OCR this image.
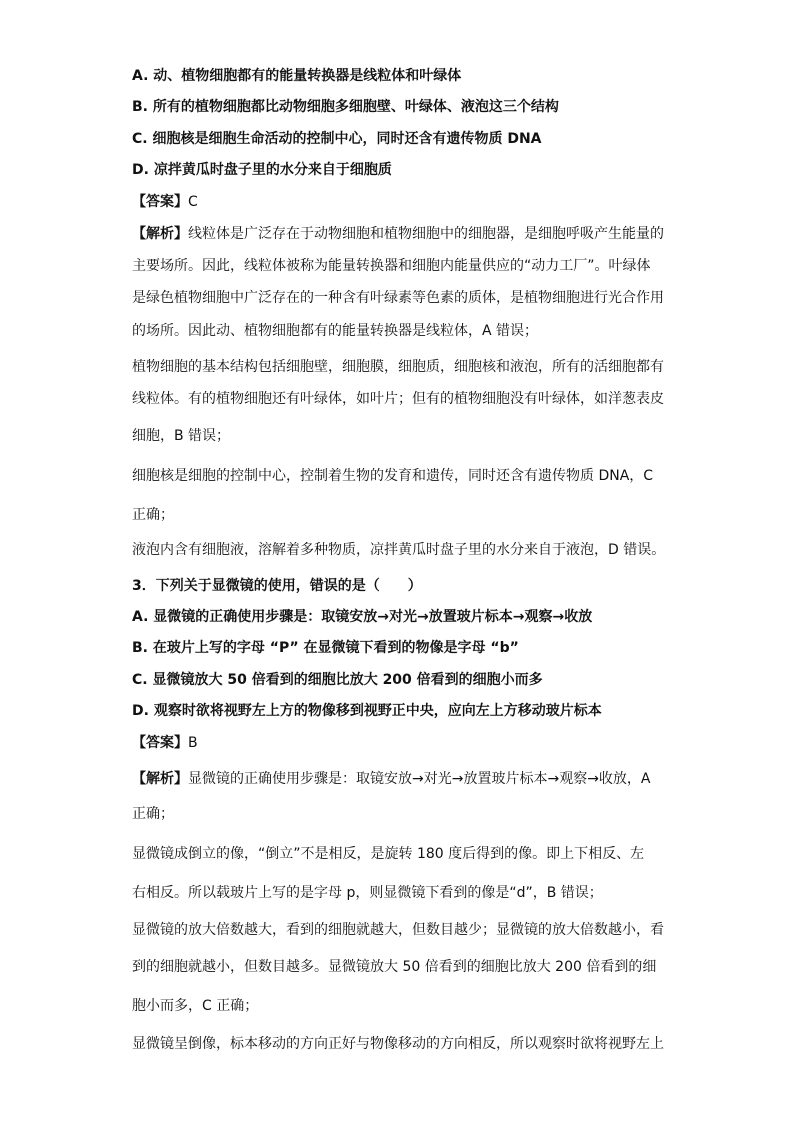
A. 动、植物细胞都有的能量转换器是线粒体和叶绿体
B. 所有的植物细胞都比动物细胞多细胞壁、叶绿体、液泡这三个结构
C. 细胞核是细胞生命活动的控制中心，同时还含有遗传物质 DNA
D. 凉拌黄瓜时盘子里的水分来自于细胞质
【答案】C
【解析】线粒体是广泛存在于动物细胞和植物细胞中的细胞器，是细胞呼吸产生能量的
主要场所。因此，线粒体被称为能量转换器和细胞内能量供应的“动力工厂”。叶绿体
是绿色植物细胞中广泛存在的一种含有叶绿素等色素的质体，是植物细胞进行光合作用
的场所。因此动、植物细胞都有的能量转换器是线粒体，A 错误；
植物细胞的基本结构包括细胞壁，细胞膜，细胞质，细胞核和液泡，所有的活细胞都有
线粒体。有的植物细胞还有叶绿体，如叶片；但有的植物细胞没有叶绿体，如洋葱表皮
细胞，B 错误；
细胞核是细胞的控制中心，控制着生物的发育和遗传，同时还含有遗传物质 DNA，C
正确；
液泡内含有细胞液，溶解着多种物质，凉拌黄瓜时盘子里的水分来自于液泡，D 错误。
3．下列关于显微镜的使用，错误的是（　　）
A. 显微镜的正确使用步骤是：取镜安放→对光→放置玻片标本→观察→收放
B. 在玻片上写的字母 “P” 在显微镜下看到的物像是字母 “b”
C. 显微镜放大 50 倍看到的细胞比放大 200 倍看到的细胞小而多
D. 观察时欲将视野左上方的物像移到视野正中央，应向左上方移动玻片标本
【答案】B
【解析】显微镜的正确使用步骤是：取镜安放→对光→放置玻片标本→观察→收放，A
正确；
显微镜成倒立的像，“倒立”不是相反，是旋转 180 度后得到的像。即上下相反、左
右相反。所以载玻片上写的是字母 p，则显微镜下看到的像是“d”，B 错误；
显微镜的放大倍数越大，看到的细胞就越大，但数目越少；显微镜的放大倍数越小，看
到的细胞就越小，但数目越多。显微镜放大 50 倍看到的细胞比放大 200 倍看到的细
胞小而多，C 正确；
显微镜呈倒像，标本移动的方向正好与物像移动的方向相反，所以观察时欲将视野左上
